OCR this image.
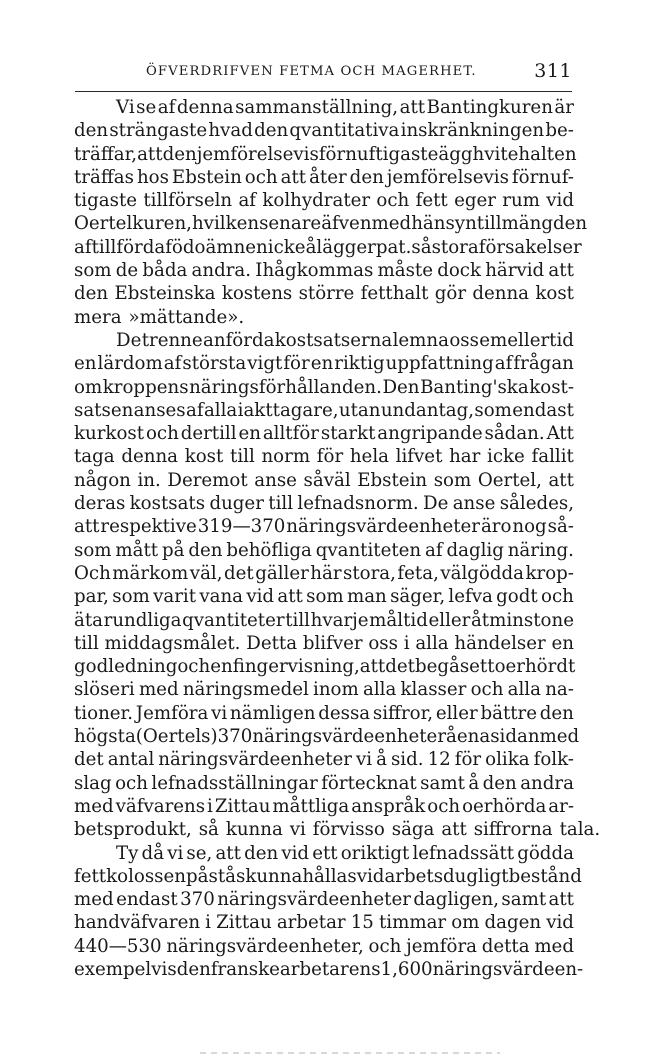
ÖFVERDRIFVEN FETMA OCH MAGERHET.	311
Vi se af denna sammanställning, att Bantingkuren är
den strängaste hvad den qvantitativa inskränkningen be-
träffar, att den jemförelsevis förnuftigaste ägghvitehalten
träffas hos Ebstein och att åter den jemförelsevis förnuf-
tigaste tillförseln af kolhydrater och fett eger rum vid
Oertelkuren, hvilken senare äfven med hänsyn till mängden
af tillförda födoämnen icke ålägger pat. så stora försakelser
som de båda andra. Ihågkommas måste dock härvid att
den Ebsteinska kostens större fetthalt gör denna kost
mera »mättande».
De trenne anförda kostsatserna lemna oss emellertid
en lärdom af största vigt för en riktig uppfattning af frågan
om kroppens näringsförhållanden. Den Banting'ska kost-
satsen anses af alla iakttagare, utan undantag, som endast
kurkost och dertill en alltför starkt angripande sådan. Att
taga denna kost till norm för hela lifvet har icke fallit
någon in. Deremot anse såväl Ebstein som Oertel, att
deras kostsats duger till lefnadsnorm. De anse således,
att respektive 319—370 näringsvärdeenheter äro nog så-
som mått på den behöfliga qvantiteten af daglig näring.
Och märkom väl, det gäller här stora, feta, välgödda krop-
par, som varit vana vid att som man säger, lefva godt och
äta rundliga qvantiteter till hvarje måltid eller åtminstone
till middagsmålet. Detta blifver oss i alla händelser en
god ledning och en fingervisning, att det begås ett oerhördt
slöseri med näringsmedel inom alla klasser och alla na-
tioner. Jemföra vi nämligen dessa siffror, eller bättre den
högsta (Oertels) 370 näringsvärdeenheter å ena sidan med
det antal näringsvärdeenheter vi å sid. 12 för olika folk-
slag och lefnadsställningar förtecknat samt å den andra
med väfvarens i Zittau måttliga anspråk och oerhörda ar-
betsprodukt, så kunna vi förvisso säga att siffrorna tala.
Ty då vi se, att den vid ett oriktigt lefnadssätt gödda
fettkolossen påstås kunna hållas vid arbetsdugligt bestånd
med endast 370 näringsvärdeenheter dagligen, samt att
handväfvaren i Zittau arbetar 15 timmar om dagen vid
440—530 näringsvärdeenheter, och jemföra detta med
exempelvis den franske arbetarens 1,600 näringsvärdeen-
